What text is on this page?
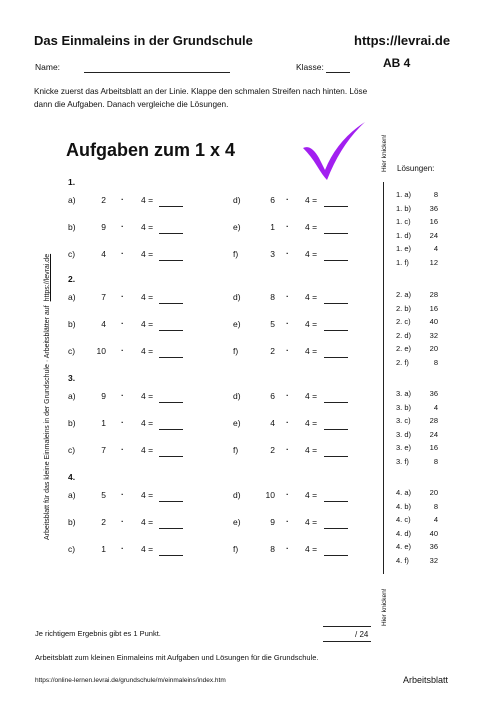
Das Einmaleins in der Grundschule	https://levrai.de
Name:	Klasse:	AB 4
Knicke zuerst das Arbeitsblatt an der Linie. Klappe den schmalen Streifen nach hinten. Löse dann die Aufgaben. Danach vergleiche die Lösungen.
Aufgaben zum 1 x 4
Arbeitsblatt für das kleine Einmaleins in der Grundschule · Arbeitsblätter aufhttps://levrai.de
Hier knicken!
Hier knicken!
1.
a)	2 · 4 =	d)	6 · 4 =
b)	9 · 4 =	e)	1 · 4 =
c)	4 · 4 =	f)	3 · 4 =
2.
a)	7 · 4 =	d)	8 · 4 =
b)	4 · 4 =	e)	5 · 4 =
c)	10 · 4 =	f)	2 · 4 =
3.
a)	9 · 4 =	d)	6 · 4 =
b)	1 · 4 =	e)	4 · 4 =
c)	7 · 4 =	f)	2 · 4 =
4.
a)	5 · 4 =	d)	10 · 4 =
b)	2 · 4 =	e)	9 · 4 =
c)	1 · 4 =	f)	8 · 4 =
Lösungen:
1. a)	8
1. b)	36
1. c)	16
1. d)	24
1. e)	4
1. f)	12
2. a)	28
2. b)	16
2. c)	40
2. d)	32
2. e)	20
2. f)	8
3. a)	36
3. b)	4
3. c)	28
3. d)	24
3. e)	16
3. f)	8
4. a)	20
4. b)	8
4. c)	4
4. d)	40
4. e)	36
4. f)	32
Je richtigem Ergebnis gibt es 1 Punkt.	/ 24
Arbeitsblatt zum kleinen Einmaleins mit Aufgaben und Lösungen für die Grundschule.
https://online-lernen.levrai.de/grundschule/m/einmaleins/index.htm	Arbeitsblatt
